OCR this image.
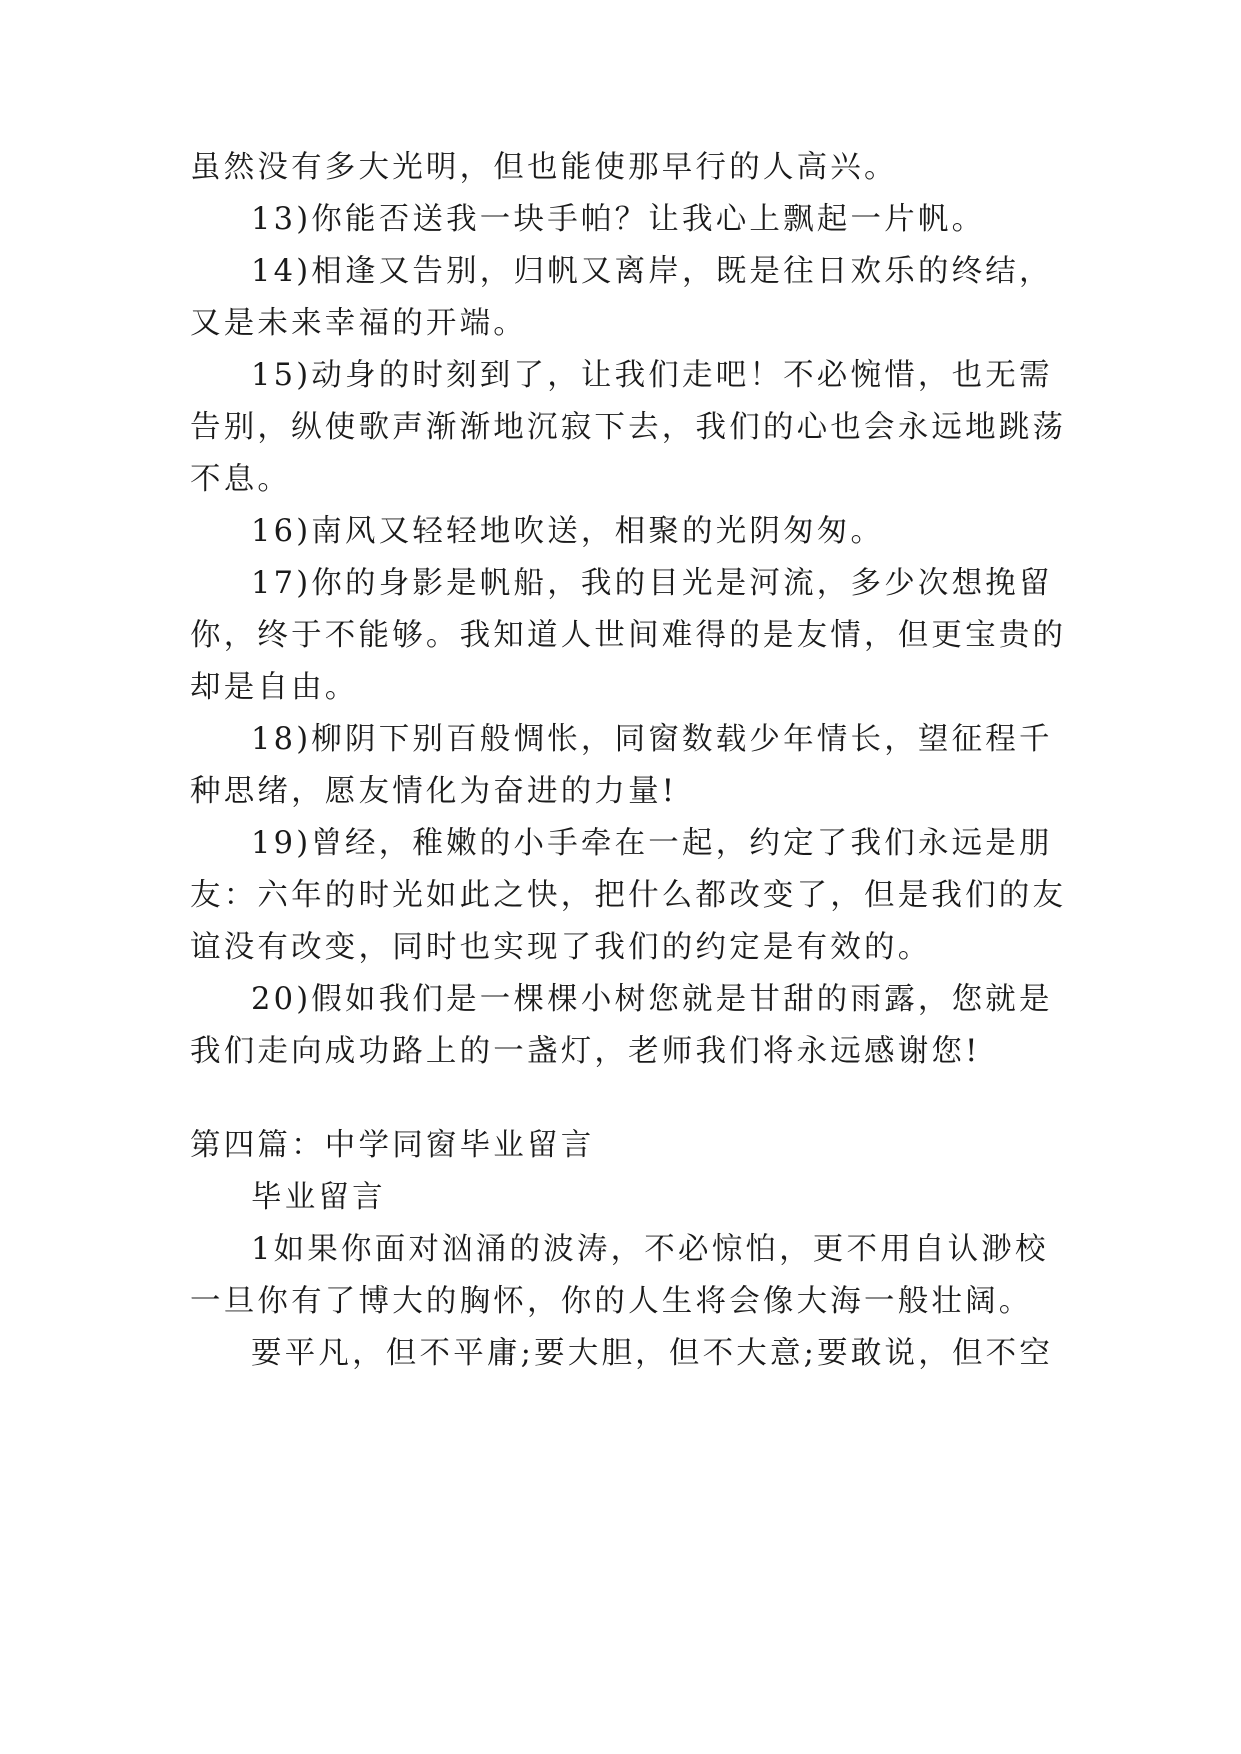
虽然没有多大光明，但也能使那早行的人高兴。
13)你能否送我一块手帕？让我心上飘起一片帆。
14)相逢又告别，归帆又离岸，既是往日欢乐的终结，
又是未来幸福的开端。
15)动身的时刻到了，让我们走吧！不必惋惜，也无需
告别，纵使歌声渐渐地沉寂下去，我们的心也会永远地跳荡
不息。
16)南风又轻轻地吹送，相聚的光阴匆匆。
17)你的身影是帆船，我的目光是河流，多少次想挽留
你，终于不能够。我知道人世间难得的是友情，但更宝贵的
却是自由。
18)柳阴下别百般惆怅，同窗数载少年情长，望征程千
种思绪，愿友情化为奋进的力量!
19)曾经，稚嫩的小手牵在一起，约定了我们永远是朋
友：六年的时光如此之快，把什么都改变了，但是我们的友
谊没有改变，同时也实现了我们的约定是有效的。
20)假如我们是一棵棵小树您就是甘甜的雨露，您就是
我们走向成功路上的一盏灯，老师我们将永远感谢您!
第四篇：中学同窗毕业留言
毕业留言
1如果你面对汹涌的波涛，不必惊怕，更不用自认渺校
一旦你有了博大的胸怀，你的人生将会像大海一般壮阔。
要平凡，但不平庸;要大胆，但不大意;要敢说，但不空
